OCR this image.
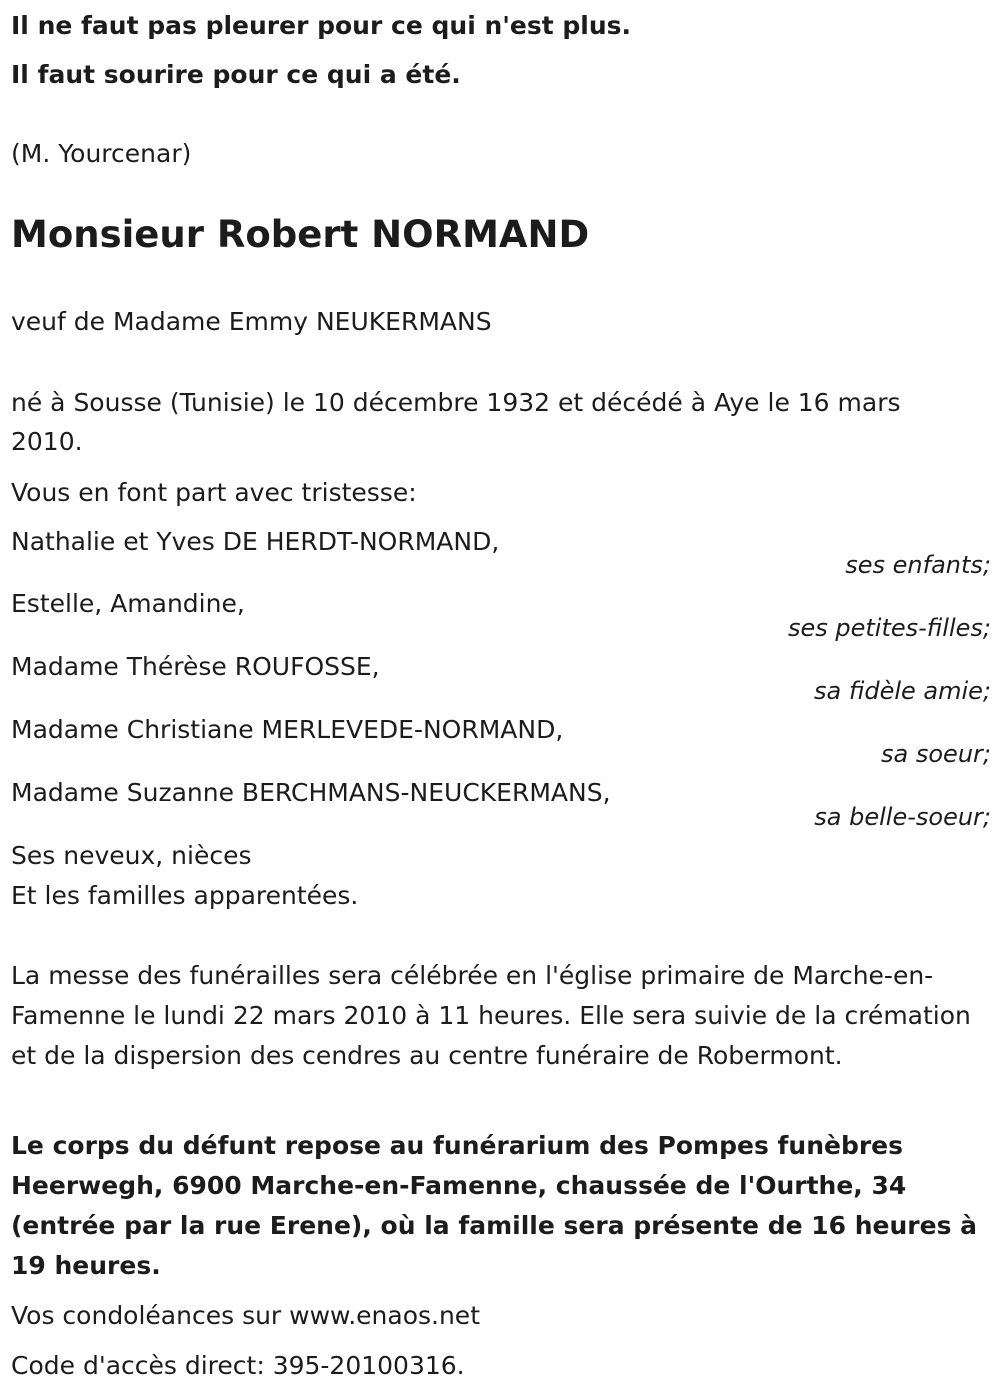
Il ne faut pas pleurer pour ce qui n'est plus.

Il faut sourire pour ce qui a été.

(M. Yourcenar)

Monsieur Robert NORMAND

veuf de Madame Emmy NEUKERMANS

né à Sousse (Tunisie) le 10 décembre 1932 et décédé à Aye le 16 mars

2010.

Vous en font part avec tristesse:

Nathalie et Yves DE HERDT-NORMAND,

ses enfants;

Estelle, Amandine,

ses petites-filles;

Madame Thérèse ROUFOSSE,

sa fidèle amie;

Madame Christiane MERLEVEDE-NORMAND,

sa soeur;

Madame Suzanne BERCHMANS-NEUCKERMANS,

sa belle-soeur;

Ses neveux, nièces

Et les familles apparentées.

La messe des funérailles sera célébrée en l'église primaire de Marche-en-Famenne le lundi 22 mars 2010 à 11 heures. Elle sera suivie de la crémation et de la dispersion des cendres au centre funéraire de Robermont.

Le corps du défunt repose au funérarium des Pompes funèbres Heerwegh, 6900 Marche-en-Famenne, chaussée de l'Ourthe, 34 (entrée par la rue Erene), où la famille sera présente de 16 heures à 19 heures.

Vos condoléances sur www.enaos.net

Code d'accès direct: 395-20100316.
